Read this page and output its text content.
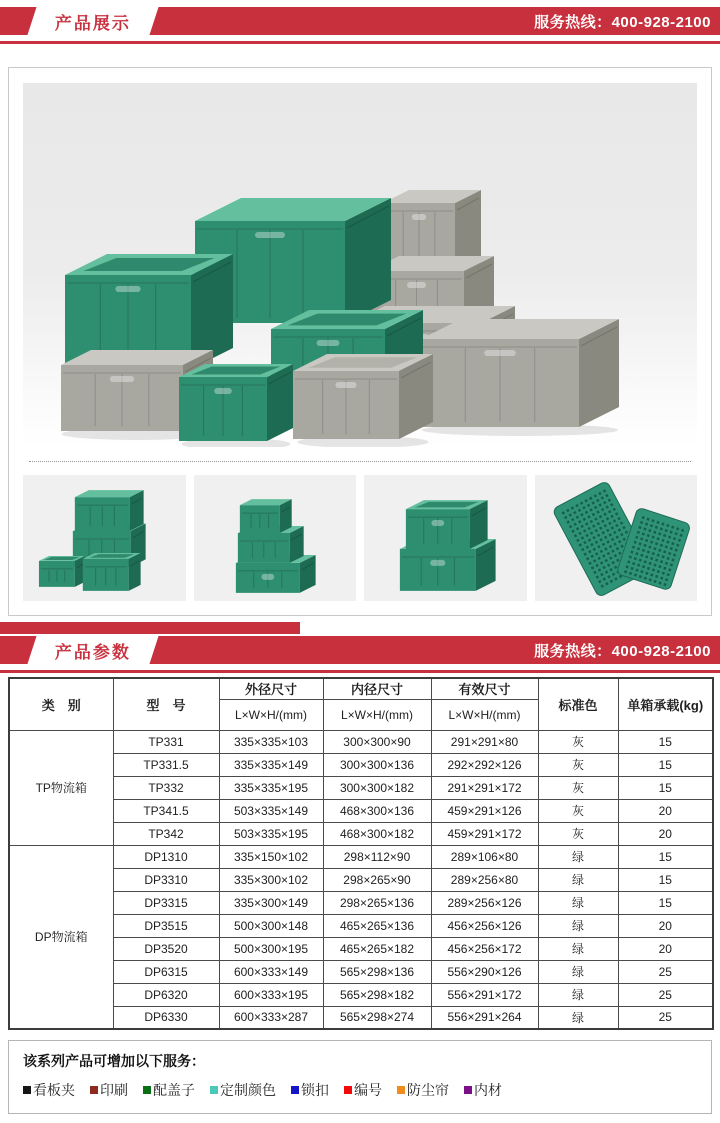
产品展示	服务热线：400-928-2100
产品参数	服务热线：400-928-2100
类　别	型　号	外径尺寸	内径尺寸	有效尺寸	标准色	单箱承载(kg)
		L×W×H/(mm)	L×W×H/(mm)	L×W×H/(mm)		
TP物流箱	TP331	335×335×103	300×300×90	291×291×80	灰	15
	TP331.5	335×335×149	300×300×136	292×292×126	灰	15
	TP332	335×335×195	300×300×182	291×291×172	灰	15
	TP341.5	503×335×149	468×300×136	459×291×126	灰	20
	TP342	503×335×195	468×300×182	459×291×172	灰	20
DP物流箱	DP1310	335×150×102	298×112×90	289×106×80	绿	15
	DP3310	335×300×102	298×265×90	289×256×80	绿	15
	DP3315	335×300×149	298×265×136	289×256×126	绿	15
	DP3515	500×300×148	465×265×136	456×256×126	绿	20
	DP3520	500×300×195	465×265×182	456×256×172	绿	20
	DP6315	600×333×149	565×298×136	556×290×126	绿	25
	DP6320	600×333×195	565×298×182	556×291×172	绿	25
	DP6330	600×333×287	565×298×274	556×291×264	绿	25

该系列产品可增加以下服务：

看板夹 印刷 配盖子 定制颜色 锁扣 编号 防尘帘 内材
